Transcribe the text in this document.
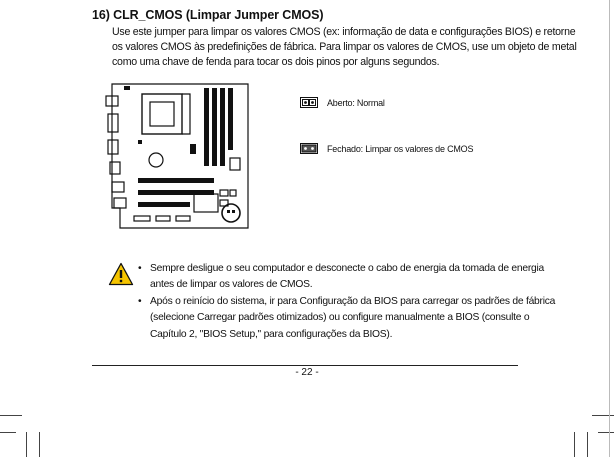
16) CLR_CMOS (Limpar Jumper CMOS)
Use este jumper para limpar os valores CMOS (ex: informação de data e configurações BIOS) e retorne
os valores CMOS às predefinições de fábrica. Para limpar os valores de CMOS, use um objeto de metal
como uma chave de fenda para tocar os dois pinos por alguns segundos.
Aberto: Normal
Fechado: Limpar os valores de CMOS
• Sempre desligue o seu computador e desconecte o cabo de energia da tomada de energia
antes de limpar os valores de CMOS.
• Após o reinício do sistema, ir para Configuração da BIOS para carregar os padrões de fábrica
(selecione Carregar padrões otimizados) ou configure manualmente a BIOS (consulte o
Capítulo 2, "BIOS Setup," para configurações da BIOS).
- 22 -
